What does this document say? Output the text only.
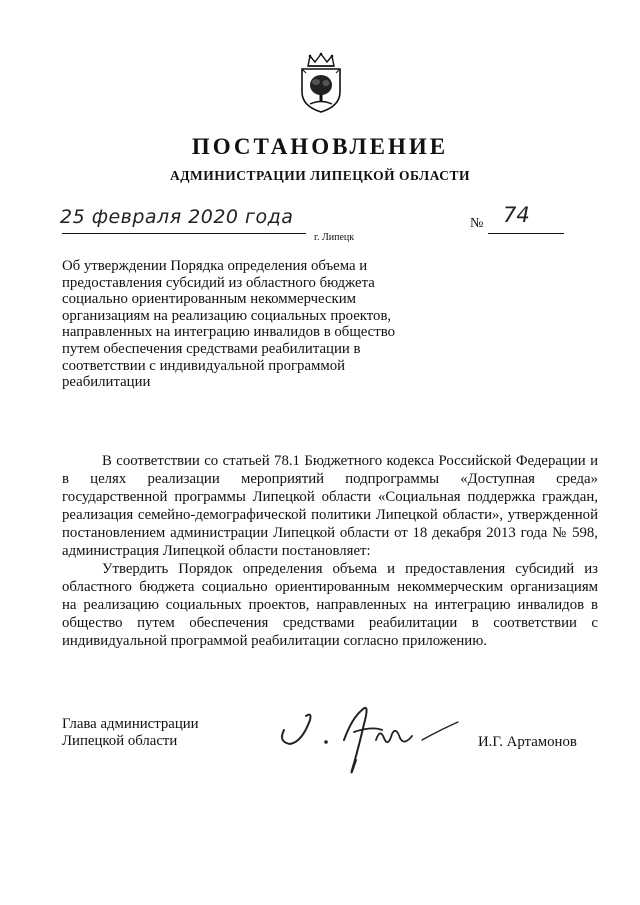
ПОСТАНОВЛЕНИЕ
АДМИНИСТРАЦИИ ЛИПЕЦКОЙ ОБЛАСТИ
25 февраля 2020 года
г. Липецк
№ 74
Об утверждении Порядка определения объема и
предоставления субсидий из областного бюджета
социально ориентированным некоммерческим
организациям на реализацию социальных проектов,
направленных на интеграцию инвалидов в общество
путем обеспечения средствами реабилитации в
соответствии с индивидуальной программой
реабилитации

В соответствии со статьей 78.1 Бюджетного кодекса Российской Федерации и в целях реализации мероприятий подпрограммы «Доступная среда» государственной программы Липецкой области «Социальная поддержка граждан, реализация семейно-демографической политики Липецкой области», утвержденной постановлением администрации Липецкой области от 18 декабря 2013 года № 598, администрация Липецкой области постановляет:

Утвердить Порядок определения объема и предоставления субсидий из областного бюджета социально ориентированным некоммерческим организациям на реализацию социальных проектов, направленных на интеграцию инвалидов в общество путем обеспечения средствами реабилитации в соответствии с индивидуальной программой реабилитации согласно приложению.

Глава администрации
Липецкой области	И.Г. Артамонов
